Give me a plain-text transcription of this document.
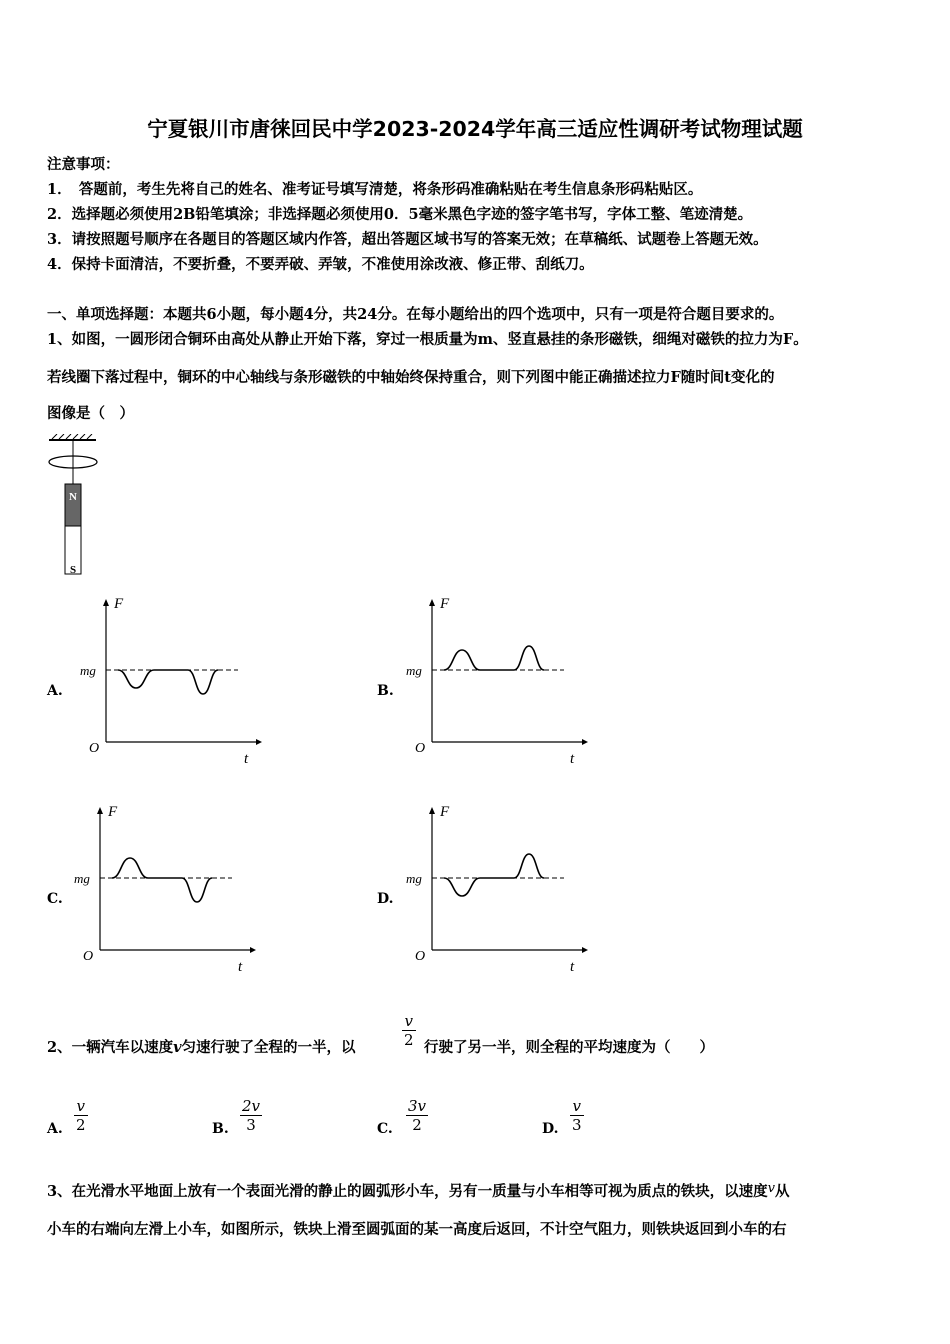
宁夏银川市唐徕回民中学2023-2024学年高三适应性调研考试物理试题
注意事项：
1．　答题前，考生先将自己的姓名、准考证号填写清楚，将条形码准确粘贴在考生信息条形码粘贴区。
2．选择题必须使用2B铅笔填涂；非选择题必须使用0．5毫米黑色字迹的签字笔书写，字体工整、笔迹清楚。
3．请按照题号顺序在各题目的答题区域内作答，超出答题区域书写的答案无效；在草稿纸、试题卷上答题无效。
4．保持卡面清洁，不要折叠，不要弄破、弄皱，不准使用涂改液、修正带、刮纸刀。
一、单项选择题：本题共6小题，每小题4分，共24分。在每小题给出的四个选项中，只有一项是符合题目要求的。
1、如图，一圆形闭合铜环由高处从静止开始下落，穿过一根质量为m、竖直悬挂的条形磁铁，细绳对磁铁的拉力为F。
若线圈下落过程中，铜环的中心轴线与条形磁铁的中轴始终保持重合，则下列图中能正确描述拉力F随时间t变化的
图像是（　）
N
S
A.	B.
C.	D.
F
t
O
mg
F
t
O
mg
F
t
O
mg
F
t
O
mg
2、一辆汽车以速度v匀速行驶了全程的一半，以	$\frac{v}{2}$ 行驶了另一半，则全程的平均速度为（　　）
A. $\frac{v}{2}$	B. $\frac{2v}{3}$	C. $\frac{3v}{2}$	D. $\frac{v}{3}$
3、在光滑水平地面上放有一个表面光滑的静止的圆弧形小车，另有一质量与小车相等可视为质点的铁块，以速度v从
小车的右端向左滑上小车，如图所示，铁块上滑至圆弧面的某一高度后返回，不计空气阻力，则铁块返回到小车的右
